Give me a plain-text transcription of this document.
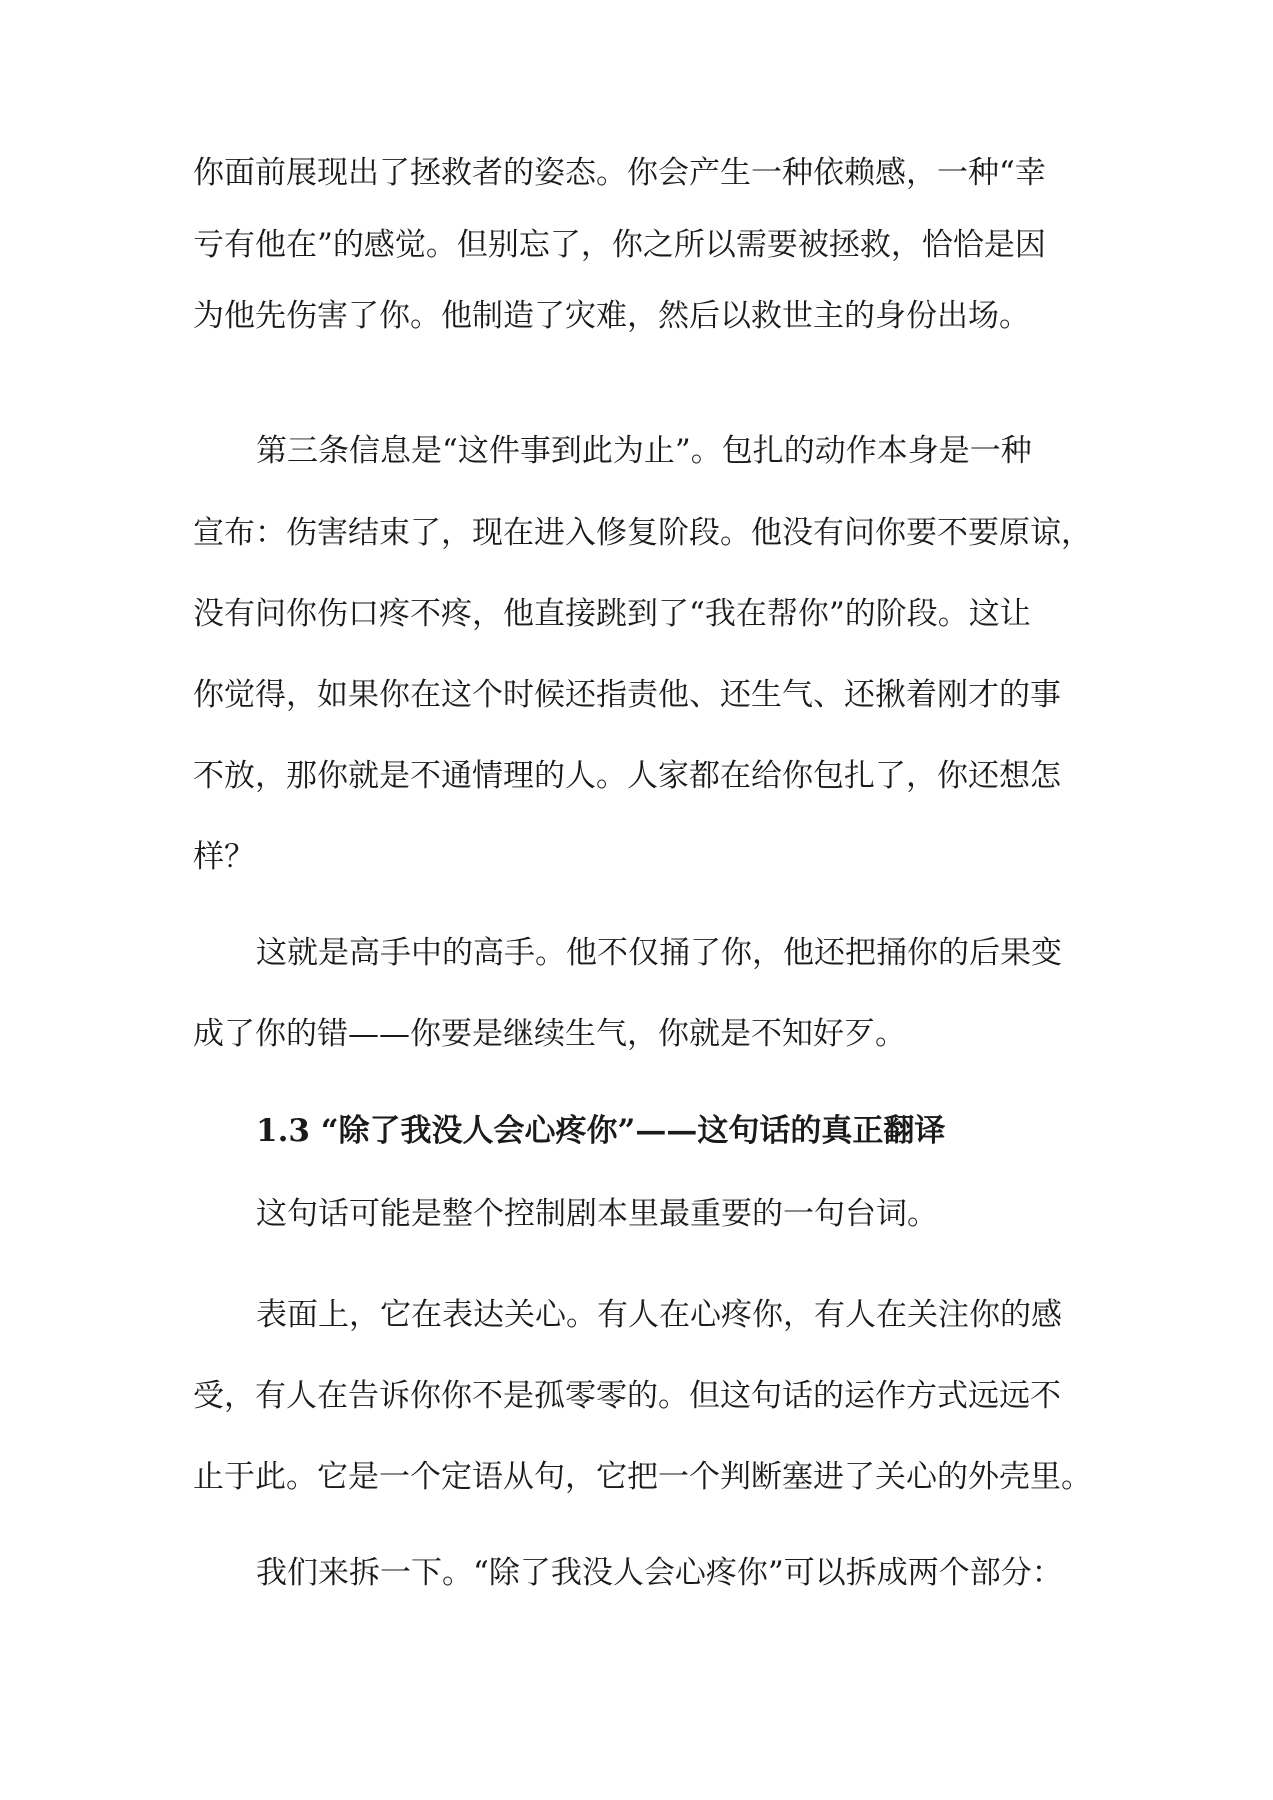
你面前展现出了拯救者的姿态。你会产生一种依赖感，一种“幸
亏有他在”的感觉。但别忘了，你之所以需要被拯救，恰恰是因
为他先伤害了你。他制造了灾难，然后以救世主的身份出场。
第三条信息是“这件事到此为止”。包扎的动作本身是一种
宣布：伤害结束了，现在进入修复阶段。他没有问你要不要原谅，
没有问你伤口疼不疼，他直接跳到了“我在帮你”的阶段。这让
你觉得，如果你在这个时候还指责他、还生气、还揪着刚才的事
不放，那你就是不通情理的人。人家都在给你包扎了，你还想怎
样？
这就是高手中的高手。他不仅捅了你，他还把捅你的后果变
成了你的错——你要是继续生气，你就是不知好歹。
1.3 “除了我没人会心疼你”——这句话的真正翻译
这句话可能是整个控制剧本里最重要的一句台词。
表面上，它在表达关心。有人在心疼你，有人在关注你的感
受，有人在告诉你你不是孤零零的。但这句话的运作方式远远不
止于此。它是一个定语从句，它把一个判断塞进了关心的外壳里。
我们来拆一下。“除了我没人会心疼你”可以拆成两个部分：
